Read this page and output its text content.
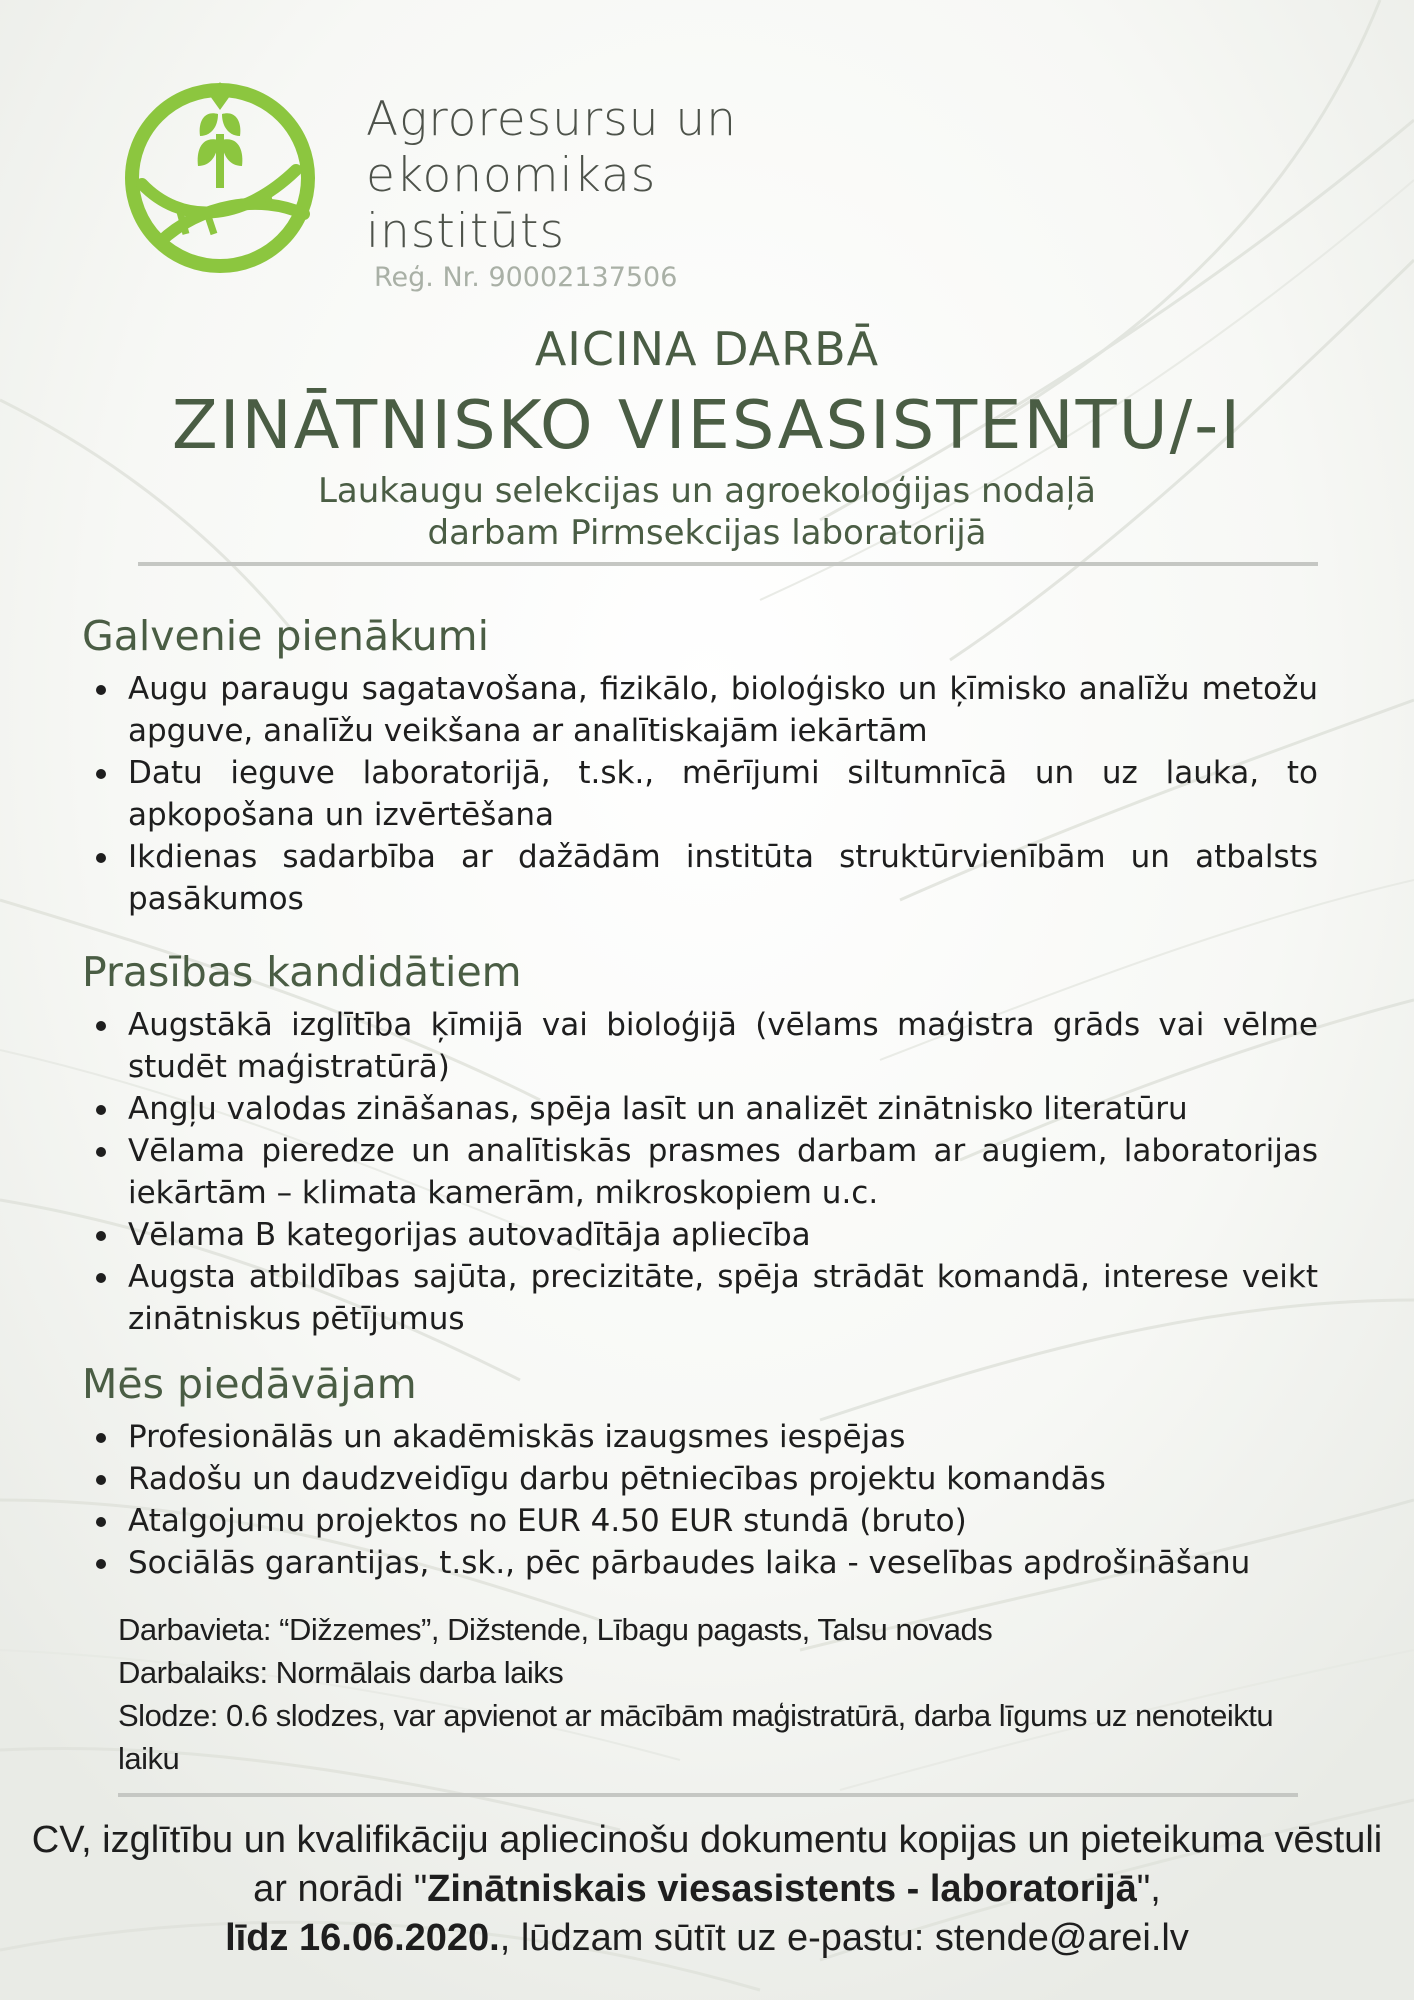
Agroresursu un
ekonomikas
institūts
Reģ. Nr. 90002137506
AICINA DARBĀ
ZINĀTNISKO VIESASISTENTU/-I
Laukaugu selekcijas un agroekoloģijas nodaļā
darbam Pirmsekcijas laboratorijā
Galvenie pienākumi
Augu paraugu sagatavošana, fizikālo, bioloģisko un ķīmisko analīžu metožu apguve, analīžu veikšana ar analītiskajām iekārtām
Datu ieguve laboratorijā, t.sk., mērījumi siltumnīcā un uz lauka, to apkopošana un izvērtēšana
Ikdienas sadarbība ar dažādām institūta struktūrvienībām un atbalsts pasākumos
Prasības kandidātiem
Augstākā izglītība ķīmijā vai bioloģijā (vēlams maģistra grāds vai vēlme studēt maģistratūrā)
Angļu valodas zināšanas, spēja lasīt un analizēt zinātnisko literatūru
Vēlama pieredze un analītiskās prasmes darbam ar augiem, laboratorijas iekārtām – klimata kamerām, mikroskopiem u.c.
Vēlama B kategorijas autovadītāja apliecība
Augsta atbildības sajūta, precizitāte, spēja strādāt komandā, interese veikt zinātniskus pētījumus
Mēs piedāvājam
Profesionālās un akadēmiskās izaugsmes iespējas
Radošu un daudzveidīgu darbu pētniecības projektu komandās
Atalgojumu projektos no EUR 4.50 EUR stundā (bruto)
Sociālās garantijas, t.sk., pēc pārbaudes laika - veselības apdrošināšanu
Darbavieta: “Dižzemes”, Dižstende, Lībagu pagasts, Talsu novads
Darbalaiks: Normālais darba laiks
Slodze: 0.6 slodzes, var apvienot ar mācībām maģistratūrā, darba līgums uz nenoteiktu laiku
CV, izglītību un kvalifikāciju apliecinošu dokumentu kopijas un pieteikuma vēstuli ar norādi "Zinātniskais viesasistents - laboratorijā",
līdz 16.06.2020., lūdzam sūtīt uz e-pastu: stende@arei.lv
